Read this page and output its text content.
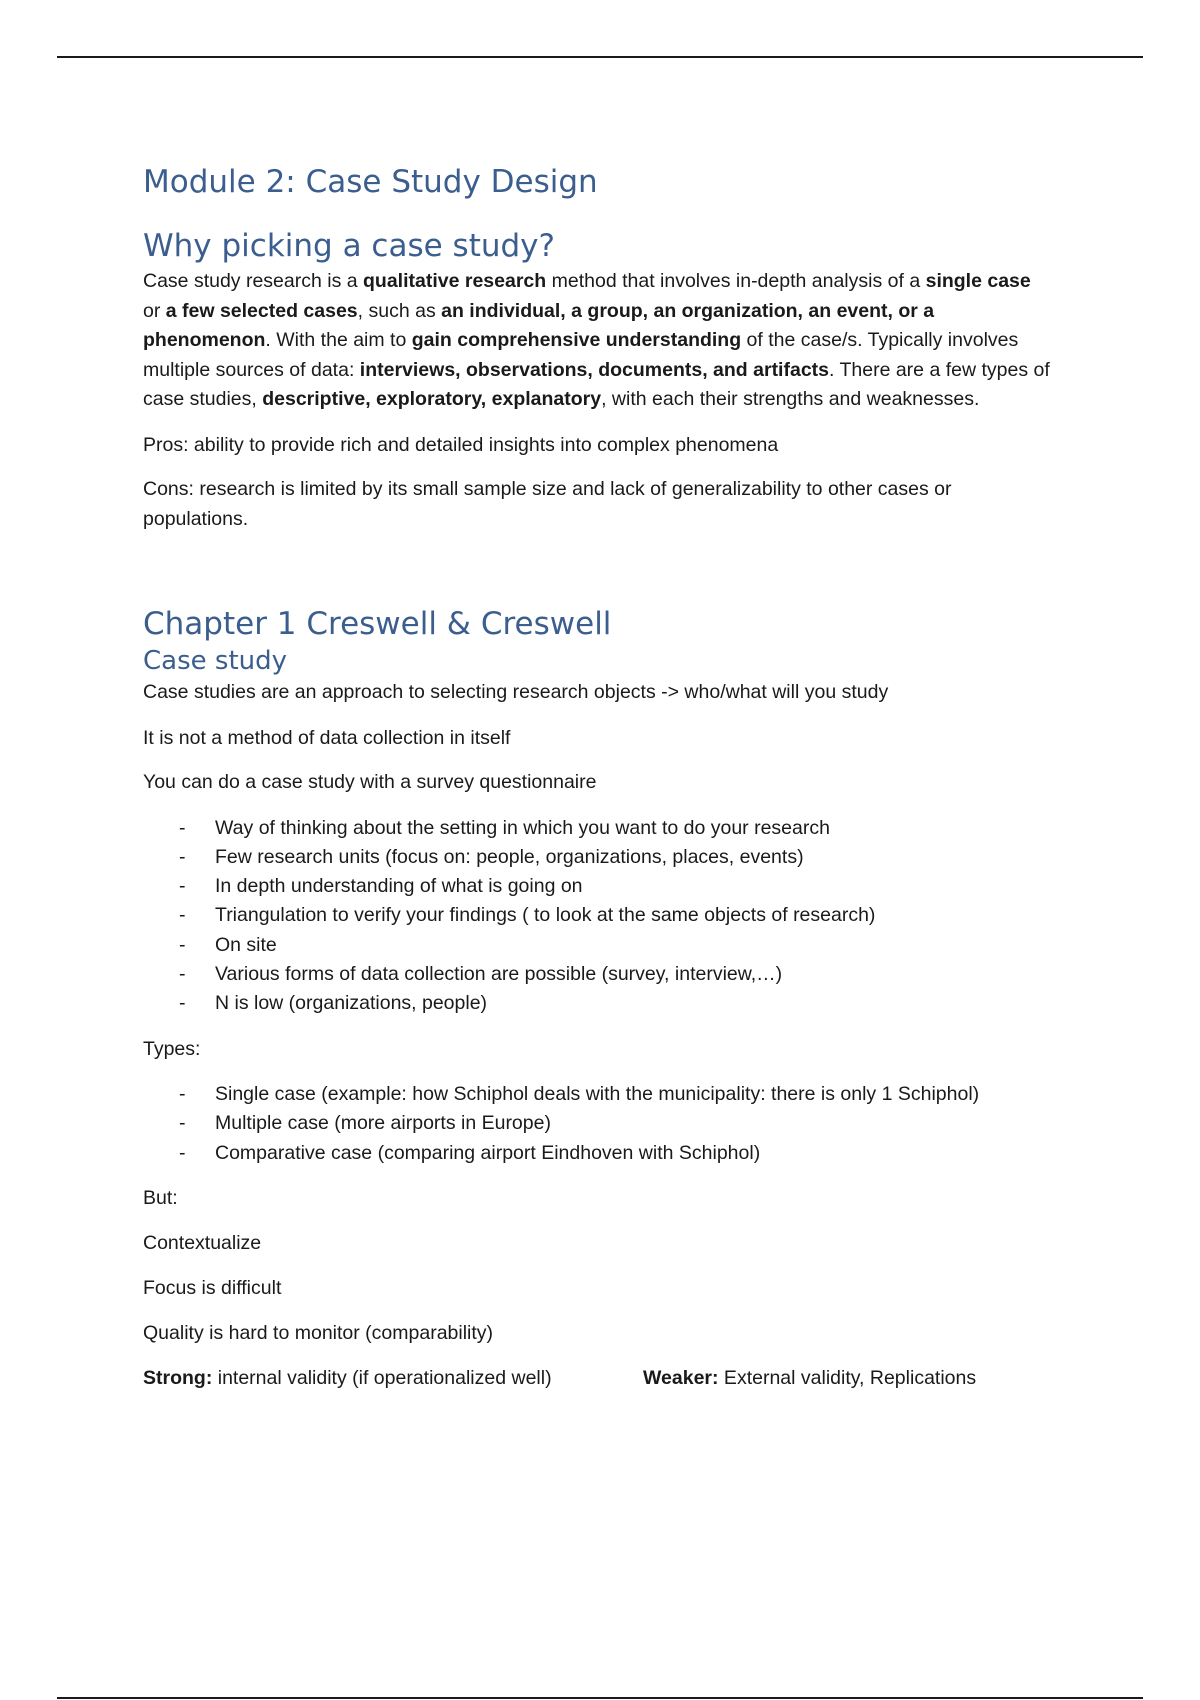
Module 2: Case Study Design
Why picking a case study?

Case study research is a qualitative research method that involves in-depth analysis of a single case or a few selected cases, such as an individual, a group, an organization, an event, or a phenomenon. With the aim to gain comprehensive understanding of the case/s. Typically involves multiple sources of data: interviews, observations, documents, and artifacts. There are a few types of case studies, descriptive, exploratory, explanatory, with each their strengths and weaknesses.

Pros: ability to provide rich and detailed insights into complex phenomena

Cons: research is limited by its small sample size and lack of generalizability to other cases or populations.

Chapter 1 Creswell & Creswell
Case study

Case studies are an approach to selecting research objects -> who/what will you study

It is not a method of data collection in itself

You can do a case study with a survey questionnaire

- Way of thinking about the setting in which you want to do your research
- Few research units (focus on: people, organizations, places, events)
- In depth understanding of what is going on
- Triangulation to verify your findings ( to look at the same objects of research)
- On site
- Various forms of data collection are possible (survey, interview,…)
- N is low (organizations, people)

Types:

- Single case (example: how Schiphol deals with the municipality: there is only 1 Schiphol)
- Multiple case (more airports in Europe)
- Comparative case (comparing airport Eindhoven with Schiphol)

But:

Contextualize

Focus is difficult

Quality is hard to monitor (comparability)

Strong: internal validity (if operationalized well)	Weaker: External validity, Replications
